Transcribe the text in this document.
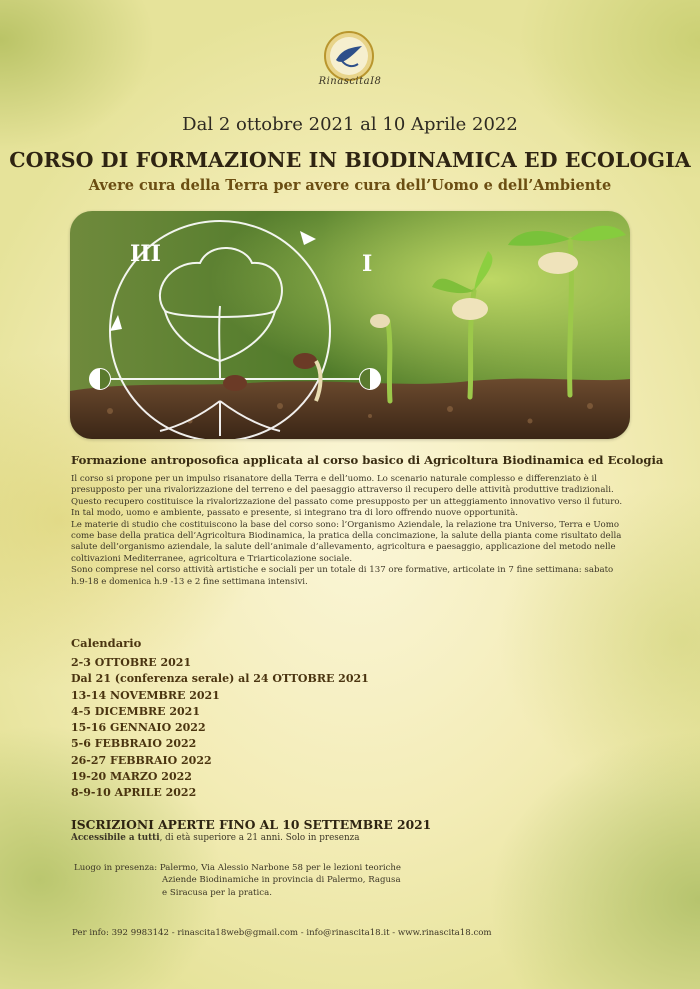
RinascitaI8
Dal 2 ottobre 2021 al 10 Aprile 2022
CORSO DI FORMAZIONE IN BIODINAMICA ED ECOLOGIA
Avere cura della Terra per avere cura dell’Uomo e dell’Ambiente
III	I
Formazione antroposofica applicata al corso basico di Agricoltura Biodinamica ed Ecologia

Il corso si propone per un impulso risanatore della Terra e dell’uomo. Lo scenario naturale complesso e differenziato è il presupposto per una rivalorizzazione del terreno e del paesaggio attraverso il recupero delle attività produttive tradizionali. Questo recupero costituisce la rivalorizzazione del passato come presupposto per un atteggiamento innovativo verso il futuro. In tal modo, uomo e ambiente, passato e presente, si integrano tra di loro offrendo nuove opportunità.

Le materie di studio che costituiscono la base del corso sono: l’Organismo Aziendale, la relazione tra Universo, Terra e Uomo come base della pratica dell’Agricoltura Biodinamica, la pratica della concimazione, la salute della pianta come risultato della salute dell’organismo aziendale, la salute dell’animale d’allevamento, agricoltura e paesaggio, applicazione del metodo nelle coltivazioni Mediterranee, agricoltura e Triarticolazione sociale.

Sono comprese nel corso attività artistiche e sociali per un totale di 137 ore formative, articolate in 7 fine settimana: sabato h.9-18 e domenica h.9 -13 e 2 fine settimana intensivi.

Calendario
2-3 OTTOBRE 2021
Dal 21 (conferenza serale) al 24 OTTOBRE 2021
13-14 NOVEMBRE 2021
4-5 DICEMBRE 2021
15-16 GENNAIO 2022
5-6 FEBBRAIO 2022
26-27 FEBBRAIO 2022
19-20 MARZO 2022
8-9-10 APRILE 2022
ISCRIZIONI APERTE FINO AL 10 SETTEMBRE 2021
Accessibile a tutti, di età superiore a 21 anni. Solo in presenza
Luogo in presenza: Palermo, Via Alessio Narbone 58 per le lezioni teoriche
Aziende Biodinamiche in provincia di Palermo, Ragusa
e Siracusa per la pratica.
Per info: 392 9983142 - rinascita18web@gmail.com - info@rinascita18.it - www.rinascita18.com
